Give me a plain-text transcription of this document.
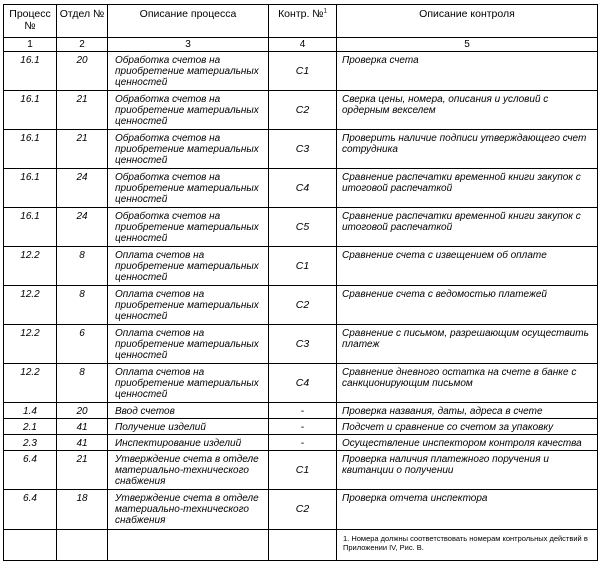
Процесс №	Отдел №	Описание процесса	Контр. №$^1$	Описание контроля
1	2	3	4	5
16.1	20	Обработка счетов на приобретение материальных ценностей	С1	Проверка счета
16.1	21	Обработка счетов на приобретение материальных ценностей	С2	Сверка цены, номера, описания и условий с ордерным векселем
16.1	21	Обработка счетов на приобретение материальных ценностей	С3	Проверить наличие подписи утверждающего счет сотрудника
16.1	24	Обработка счетов на приобретение материальных ценностей	С4	Сравнение распечатки временной книги закупок с итоговой распечаткой
16.1	24	Обработка счетов на приобретение материальных ценностей	С5	Сравнение распечатки временной книги закупок с итоговой распечаткой
12.2	8	Оплата счетов на приобретение материальных ценностей	С1	Сравнение счета с извещением об оплате
12.2	8	Оплата счетов на приобретение материальных ценностей	С2	Сравнение счета с ведомостью платежей
12.2	6	Оплата счетов на приобретение материальных ценностей	С3	Сравнение с письмом, разрешающим осуществить платеж
12.2	8	Оплата счетов на приобретение материальных ценностей	С4	Сравнение дневного остатка на счете в банке с санкционирующим письмом
1.4	20	Ввод счетов	-	Проверка названия, даты, адреса в счете
2.1	41	Получение изделий	-	Подсчет и сравнение со счетом за упаковку
2.3	41	Инспектирование изделий	-	Осуществление инспектором контроля качества
6.4	21	Утверждение счета в отделе материально-технического снабжения	С1	Проверка наличия платежного поручения и квитанции о получении
6.4	18	Утверждение счета в отделе материально-технического снабжения	С2	Проверка отчета инспектора
				1. Номера должны соответствовать номерам контрольных действий в Приложении IV, Рис. В.
